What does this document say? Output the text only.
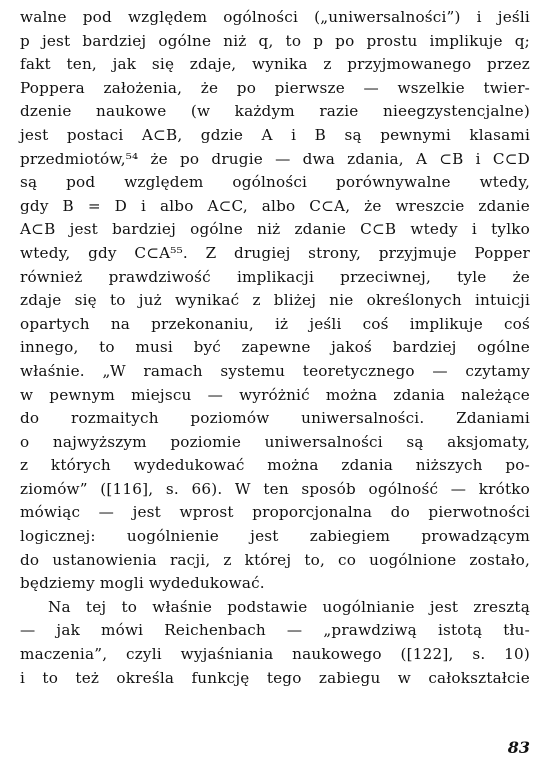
walne pod względem ogólności („uniwersalności”) i jeśli
p jest bardziej ogólne niż q, to p po prostu implikuje q;
fakt ten, jak się zdaje, wynika z przyjmowanego przez
Poppera założenia, że po pierwsze — wszelkie twier-
dzenie naukowe (w każdym razie nieegzystencjalne)
jest postaci A⊂B, gdzie A i B są pewnymi klasami
przedmiotów,⁵⁴ że po drugie — dwa zdania, A ⊂B i C⊂D
są pod względem ogólności porównywalne wtedy,
gdy B = D i albo A⊂C, albo C⊂A, że wreszcie zdanie
A⊂B jest bardziej ogólne niż zdanie C⊂B wtedy i tylko
wtedy, gdy C⊂A⁵⁵. Z drugiej strony, przyjmuje Popper
również prawdziwość implikacji przeciwnej, tyle że
zdaje się to już wynikać z bliżej nie określonych intuicji
opartych na przekonaniu, iż jeśli coś implikuje coś
innego, to musi być zapewne jakoś bardziej ogólne
właśnie. „W ramach systemu teoretycznego — czytamy
w pewnym miejscu — wyróżnić można zdania należące
do rozmaitych poziomów uniwersalności. Zdaniami
o najwyższym poziomie uniwersalności są aksjomaty,
z których wydedukować można zdania niższych po-
ziomów” ([116], s. 66). W ten sposób ogólność — krótko
mówiąc — jest wprost proporcjonalna do pierwotności
logicznej: uogólnienie jest zabiegiem prowadzącym
do ustanowienia racji, z której to, co uogólnione zostało,
będziemy mogli wydedukować.
Na tej to właśnie podstawie uogólnianie jest zresztą
— jak mówi Reichenbach — „prawdziwą istotą tłu-
maczenia”, czyli wyjaśniania naukowego ([122], s. 10)
i to też określa funkcję tego zabiegu w całokształcie
83
